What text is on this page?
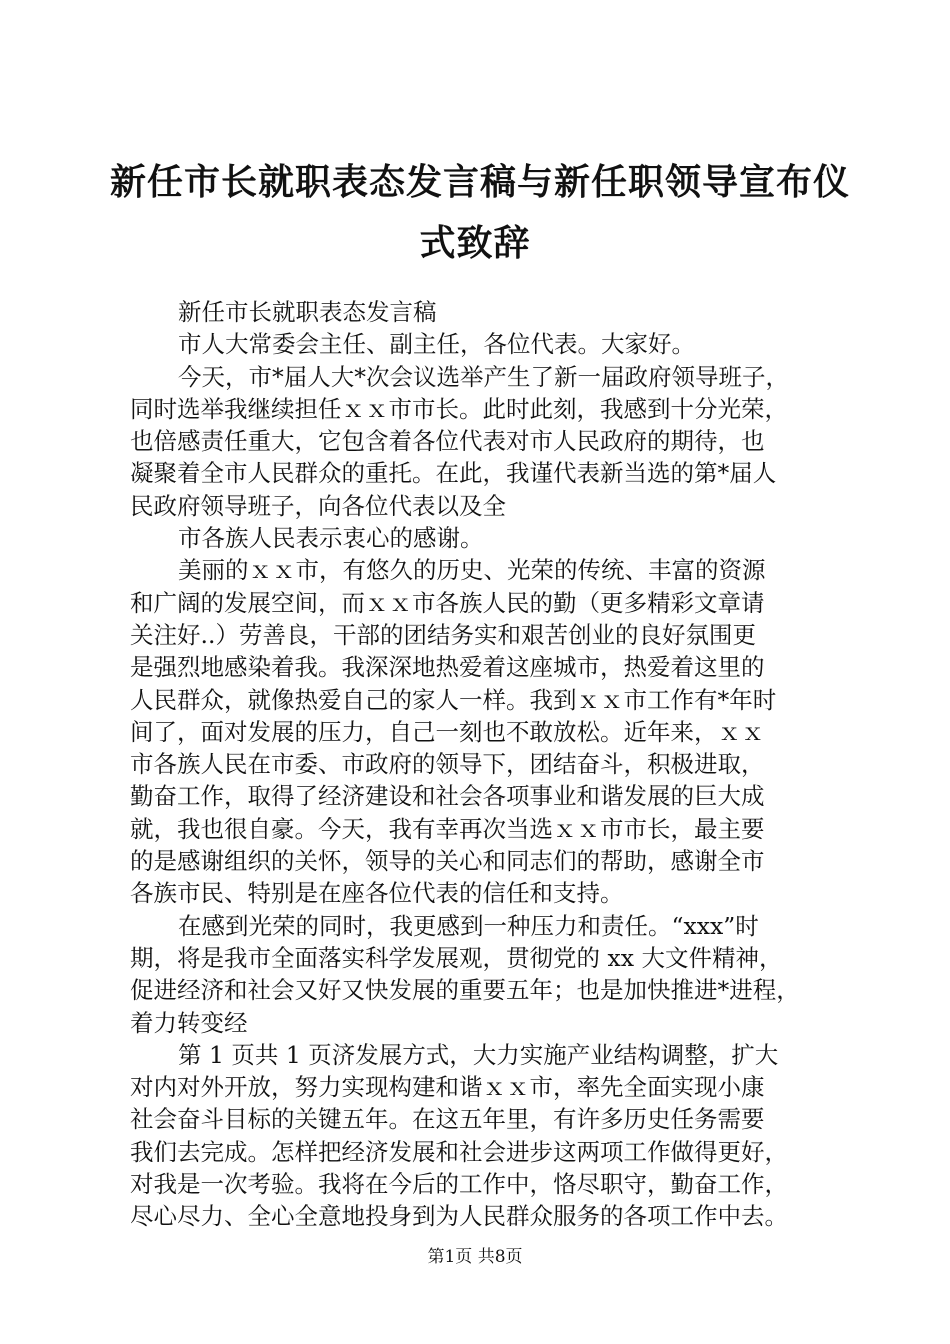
新任市长就职表态发言稿与新任职领导宣布仪
式致辞
新任市长就职表态发言稿
市人大常委会主任、副主任，各位代表。大家好。
今天，市*届人大*次会议选举产生了新一届政府领导班子，
同时选举我继续担任ｘｘ市市长。此时此刻，我感到十分光荣，
也倍感责任重大，它包含着各位代表对市人民政府的期待，也
凝聚着全市人民群众的重托。在此，我谨代表新当选的第*届人
民政府领导班子，向各位代表以及全
市各族人民表示衷心的感谢。
美丽的ｘｘ市，有悠久的历史、光荣的传统、丰富的资源
和广阔的发展空间，而ｘｘ市各族人民的勤（更多精彩文章请
关注好..）劳善良，干部的团结务实和艰苦创业的良好氛围更
是强烈地感染着我。我深深地热爱着这座城市，热爱着这里的
人民群众，就像热爱自己的家人一样。我到ｘｘ市工作有*年时
间了，面对发展的压力，自己一刻也不敢放松。近年来，ｘｘ
市各族人民在市委、市政府的领导下，团结奋斗，积极进取，
勤奋工作，取得了经济建设和社会各项事业和谐发展的巨大成
就，我也很自豪。今天，我有幸再次当选ｘｘ市市长，最主要
的是感谢组织的关怀，领导的关心和同志们的帮助，感谢全市
各族市民、特别是在座各位代表的信任和支持。
在感到光荣的同时，我更感到一种压力和责任。“xxx”时
期，将是我市全面落实科学发展观，贯彻党的 xx 大文件精神，
促进经济和社会又好又快发展的重要五年；也是加快推进*进程，
着力转变经
第 1 页共 1 页济发展方式，大力实施产业结构调整，扩大
对内对外开放，努力实现构建和谐ｘｘ市，率先全面实现小康
社会奋斗目标的关键五年。在这五年里，有许多历史任务需要
我们去完成。怎样把经济发展和社会进步这两项工作做得更好，
对我是一次考验。我将在今后的工作中，恪尽职守，勤奋工作，
尽心尽力、全心全意地投身到为人民群众服务的各项工作中去。
第1页 共8页
